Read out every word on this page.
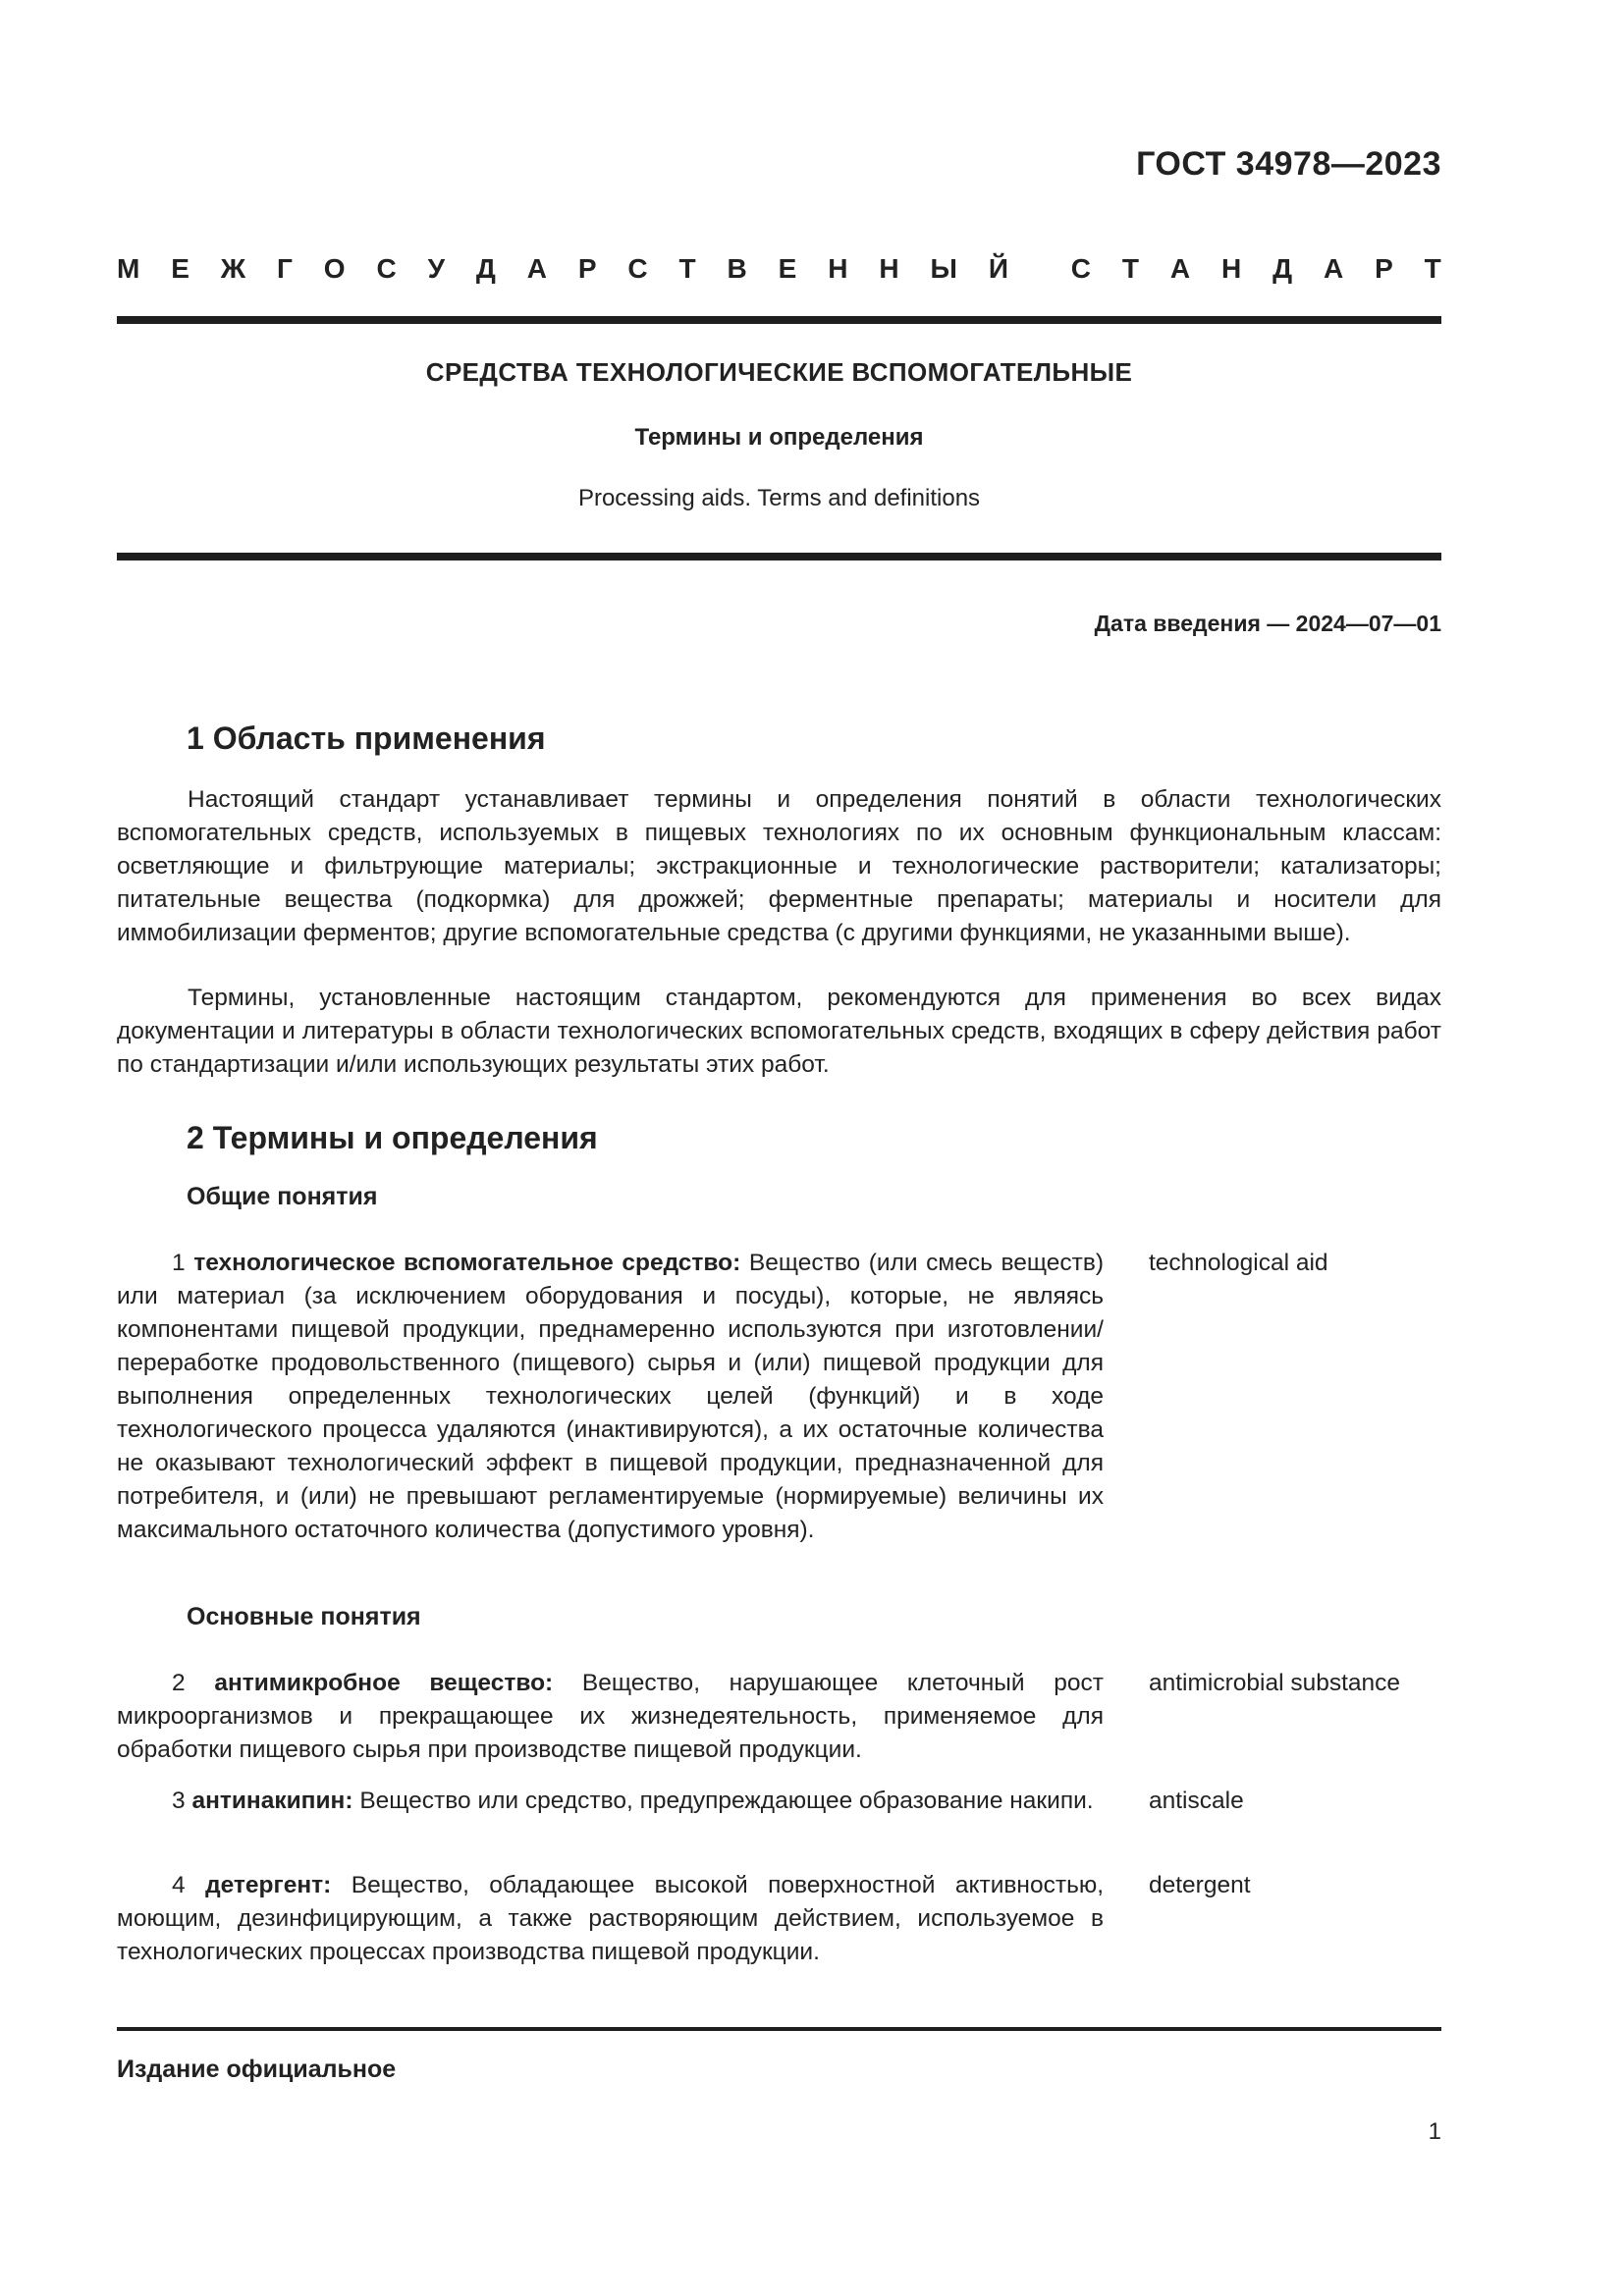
ГОСТ 34978—2023
М Е Ж Г О С У Д А Р С Т В Е Н Н Ы Й С Т А Н Д А Р Т
СРЕДСТВА ТЕХНОЛОГИЧЕСКИЕ ВСПОМОГАТЕЛЬНЫЕ
Термины и определения
Processing aids. Terms and definitions
Дата введения — 2024—07—01
1 Область применения
Настоящий стандарт устанавливает термины и определения понятий в области технологических вспомогательных средств, используемых в пищевых технологиях по их основным функциональным классам: осветляющие и фильтрующие материалы; экстракционные и технологические растворители; катализаторы; питательные вещества (подкормка) для дрожжей; ферментные препараты; материалы и носители для иммобилизации ферментов; другие вспомогательные средства (с другими функциями, не указанными выше).
Термины, установленные настоящим стандартом, рекомендуются для применения во всех видах документации и литературы в области технологических вспомогательных средств, входящих в сферу действия работ по стандартизации и/или использующих результаты этих работ.
2 Термины и определения
Общие понятия
1 технологическое вспомогательное средство: Вещество (или смесь веществ) или материал (за исключением оборудования и посуды), которые, не являясь компонентами пищевой продукции, преднамеренно используются при изготовлении/переработке продовольственного (пищевого) сырья и (или) пищевой продукции для выполнения определенных технологических целей (функций) и в ходе технологического процесса удаляются (инактивируются), а их остаточные количества не оказывают технологический эффект в пищевой продукции, предназначенной для потребителя, и (или) не превышают регламентируемые (нормируемые) величины их максимального остаточного количества (допустимого уровня).
technological aid
Основные понятия
2 антимикробное вещество: Вещество, нарушающее клеточный рост микроорганизмов и прекращающее их жизнедеятельность, применяемое для обработки пищевого сырья при производстве пищевой продукции.
antimicrobial substance
3 антинакипин: Вещество или средство, предупреждающее образование накипи.	antiscale
4 детергент: Вещество, обладающее высокой поверхностной активностью, моющим, дезинфицирующим, а также растворяющим действием, используемое в технологических процессах производства пищевой продукции.
detergent
Издание официальное
1
